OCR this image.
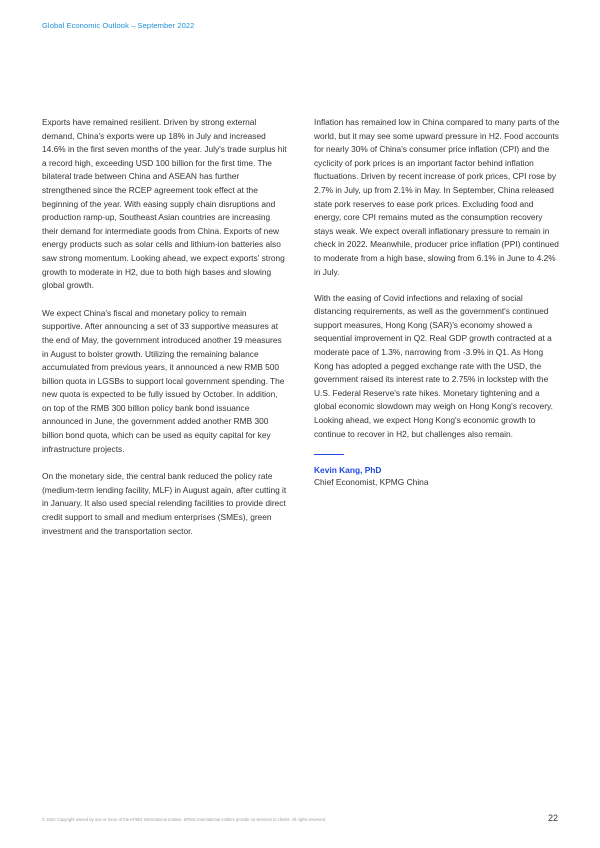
Global Economic Outlook – September 2022

Exports have remained resilient. Driven by strong external demand, China's exports were up 18% in July and increased 14.6% in the first seven months of the year. July's trade surplus hit a record high, exceeding USD 100 billion for the first time. The bilateral trade between China and ASEAN has further strengthened since the RCEP agreement took effect at the beginning of the year. With easing supply chain disruptions and production ramp-up, Southeast Asian countries are increasing their demand for intermediate goods from China. Exports of new energy products such as solar cells and lithium-ion batteries also saw strong momentum. Looking ahead, we expect exports' strong growth to moderate in H2, due to both high bases and slowing global growth.

We expect China's fiscal and monetary policy to remain supportive. After announcing a set of 33 supportive measures at the end of May, the government introduced another 19 measures in August to bolster growth. Utilizing the remaining balance accumulated from previous years, it announced a new RMB 500 billion quota in LGSBs to support local government spending. The new quota is expected to be fully issued by October. In addition, on top of the RMB 300 billion policy bank bond issuance announced in June, the government added another RMB 300 billion bond quota, which can be used as equity capital for key infrastructure projects.

On the monetary side, the central bank reduced the policy rate (medium-term lending facility, MLF) in August again, after cutting it in January. It also used special relending facilities to provide direct credit support to small and medium enterprises (SMEs), green investment and the transportation sector.

Inflation has remained low in China compared to many parts of the world, but it may see some upward pressure in H2. Food accounts for nearly 30% of China's consumer price inflation (CPI) and the cyclicity of pork prices is an important factor behind inflation fluctuations. Driven by recent increase of pork prices, CPI rose by 2.7% in July, up from 2.1% in May. In September, China released state pork reserves to ease pork prices. Excluding food and energy, core CPI remains muted as the consumption recovery stays weak. We expect overall inflationary pressure to remain in check in 2022. Meanwhile, producer price inflation (PPI) continued to moderate from a high base, slowing from 6.1% in June to 4.2% in July.

With the easing of Covid infections and relaxing of social distancing requirements, as well as the government's continued support measures, Hong Kong (SAR)'s economy showed a sequential improvement in Q2. Real GDP growth contracted at a moderate pace of 1.3%, narrowing from -3.9% in Q1. As Hong Kong has adopted a pegged exchange rate with the USD, the government raised its interest rate to 2.75% in lockstep with the U.S. Federal Reserve's rate hikes. Monetary tightening and a global economic slowdown may weigh on Hong Kong's recovery. Looking ahead, we expect Hong Kong's economic growth to continue to recover in H2, but challenges also remain.

Kevin Kang, PhD
Chief Economist, KPMG China
© 2022 Copyright owned by one or more of the KPMG International entities. KPMG International entities provide no services to clients. All rights reserved.	22
